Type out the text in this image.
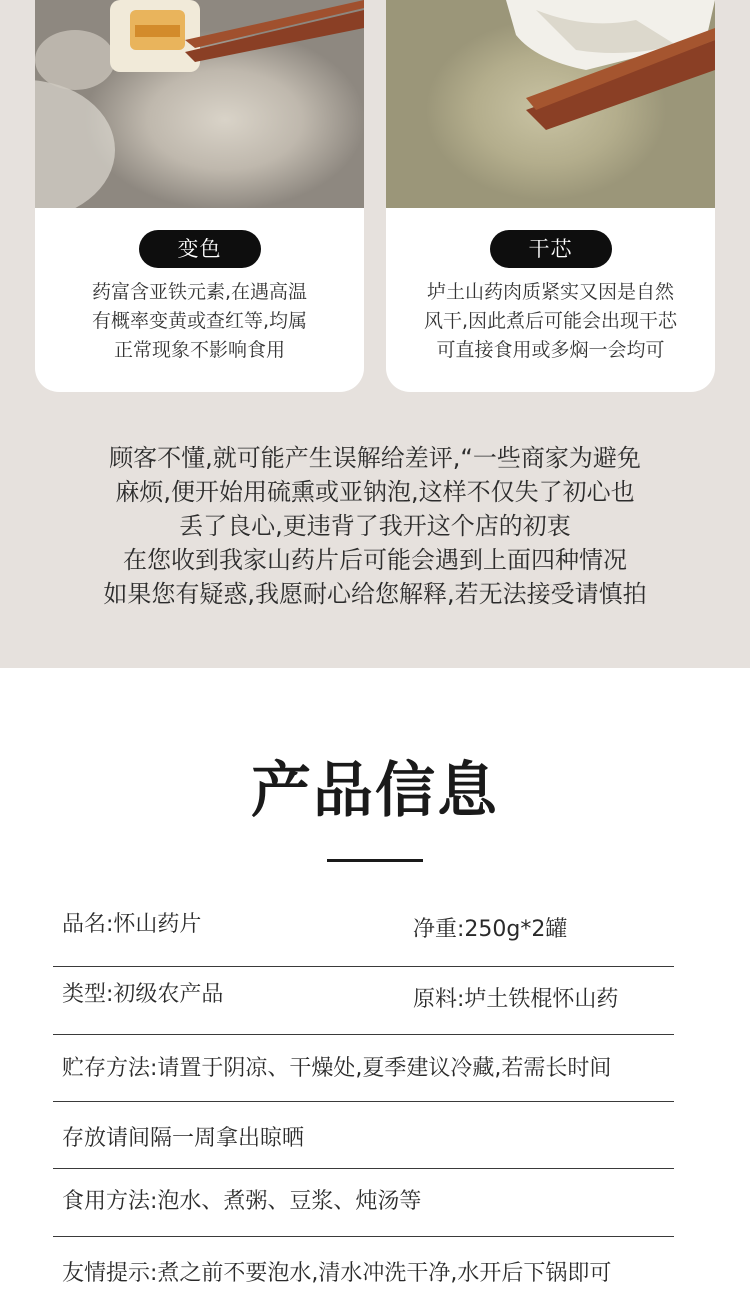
变色
药富含亚铁元素,在遇高温
有概率变黄或查红等,均属
正常现象不影响食用
干芯
垆土山药肉质紧实又因是自然
风干,因此煮后可能会出现干芯
可直接食用或多焖一会均可
顾客不懂,就可能产生误解给差评,“一些商家为避免
麻烦,便开始用硫熏或亚钠泡,这样不仅失了初心也
丢了良心,更违背了我开这个店的初衷
在您收到我家山药片后可能会遇到上面四种情况
如果您有疑惑,我愿耐心给您解释,若无法接受请慎拍
产品信息
品名:怀山药片	净重:250g*2罐
类型:初级农产品	原料:垆土铁棍怀山药
贮存方法:请置于阴凉、干燥处,夏季建议冷藏,若需长时间
存放请间隔一周拿出晾晒
食用方法:泡水、煮粥、豆浆、炖汤等
友情提示:煮之前不要泡水,清水冲洗干净,水开后下锅即可
